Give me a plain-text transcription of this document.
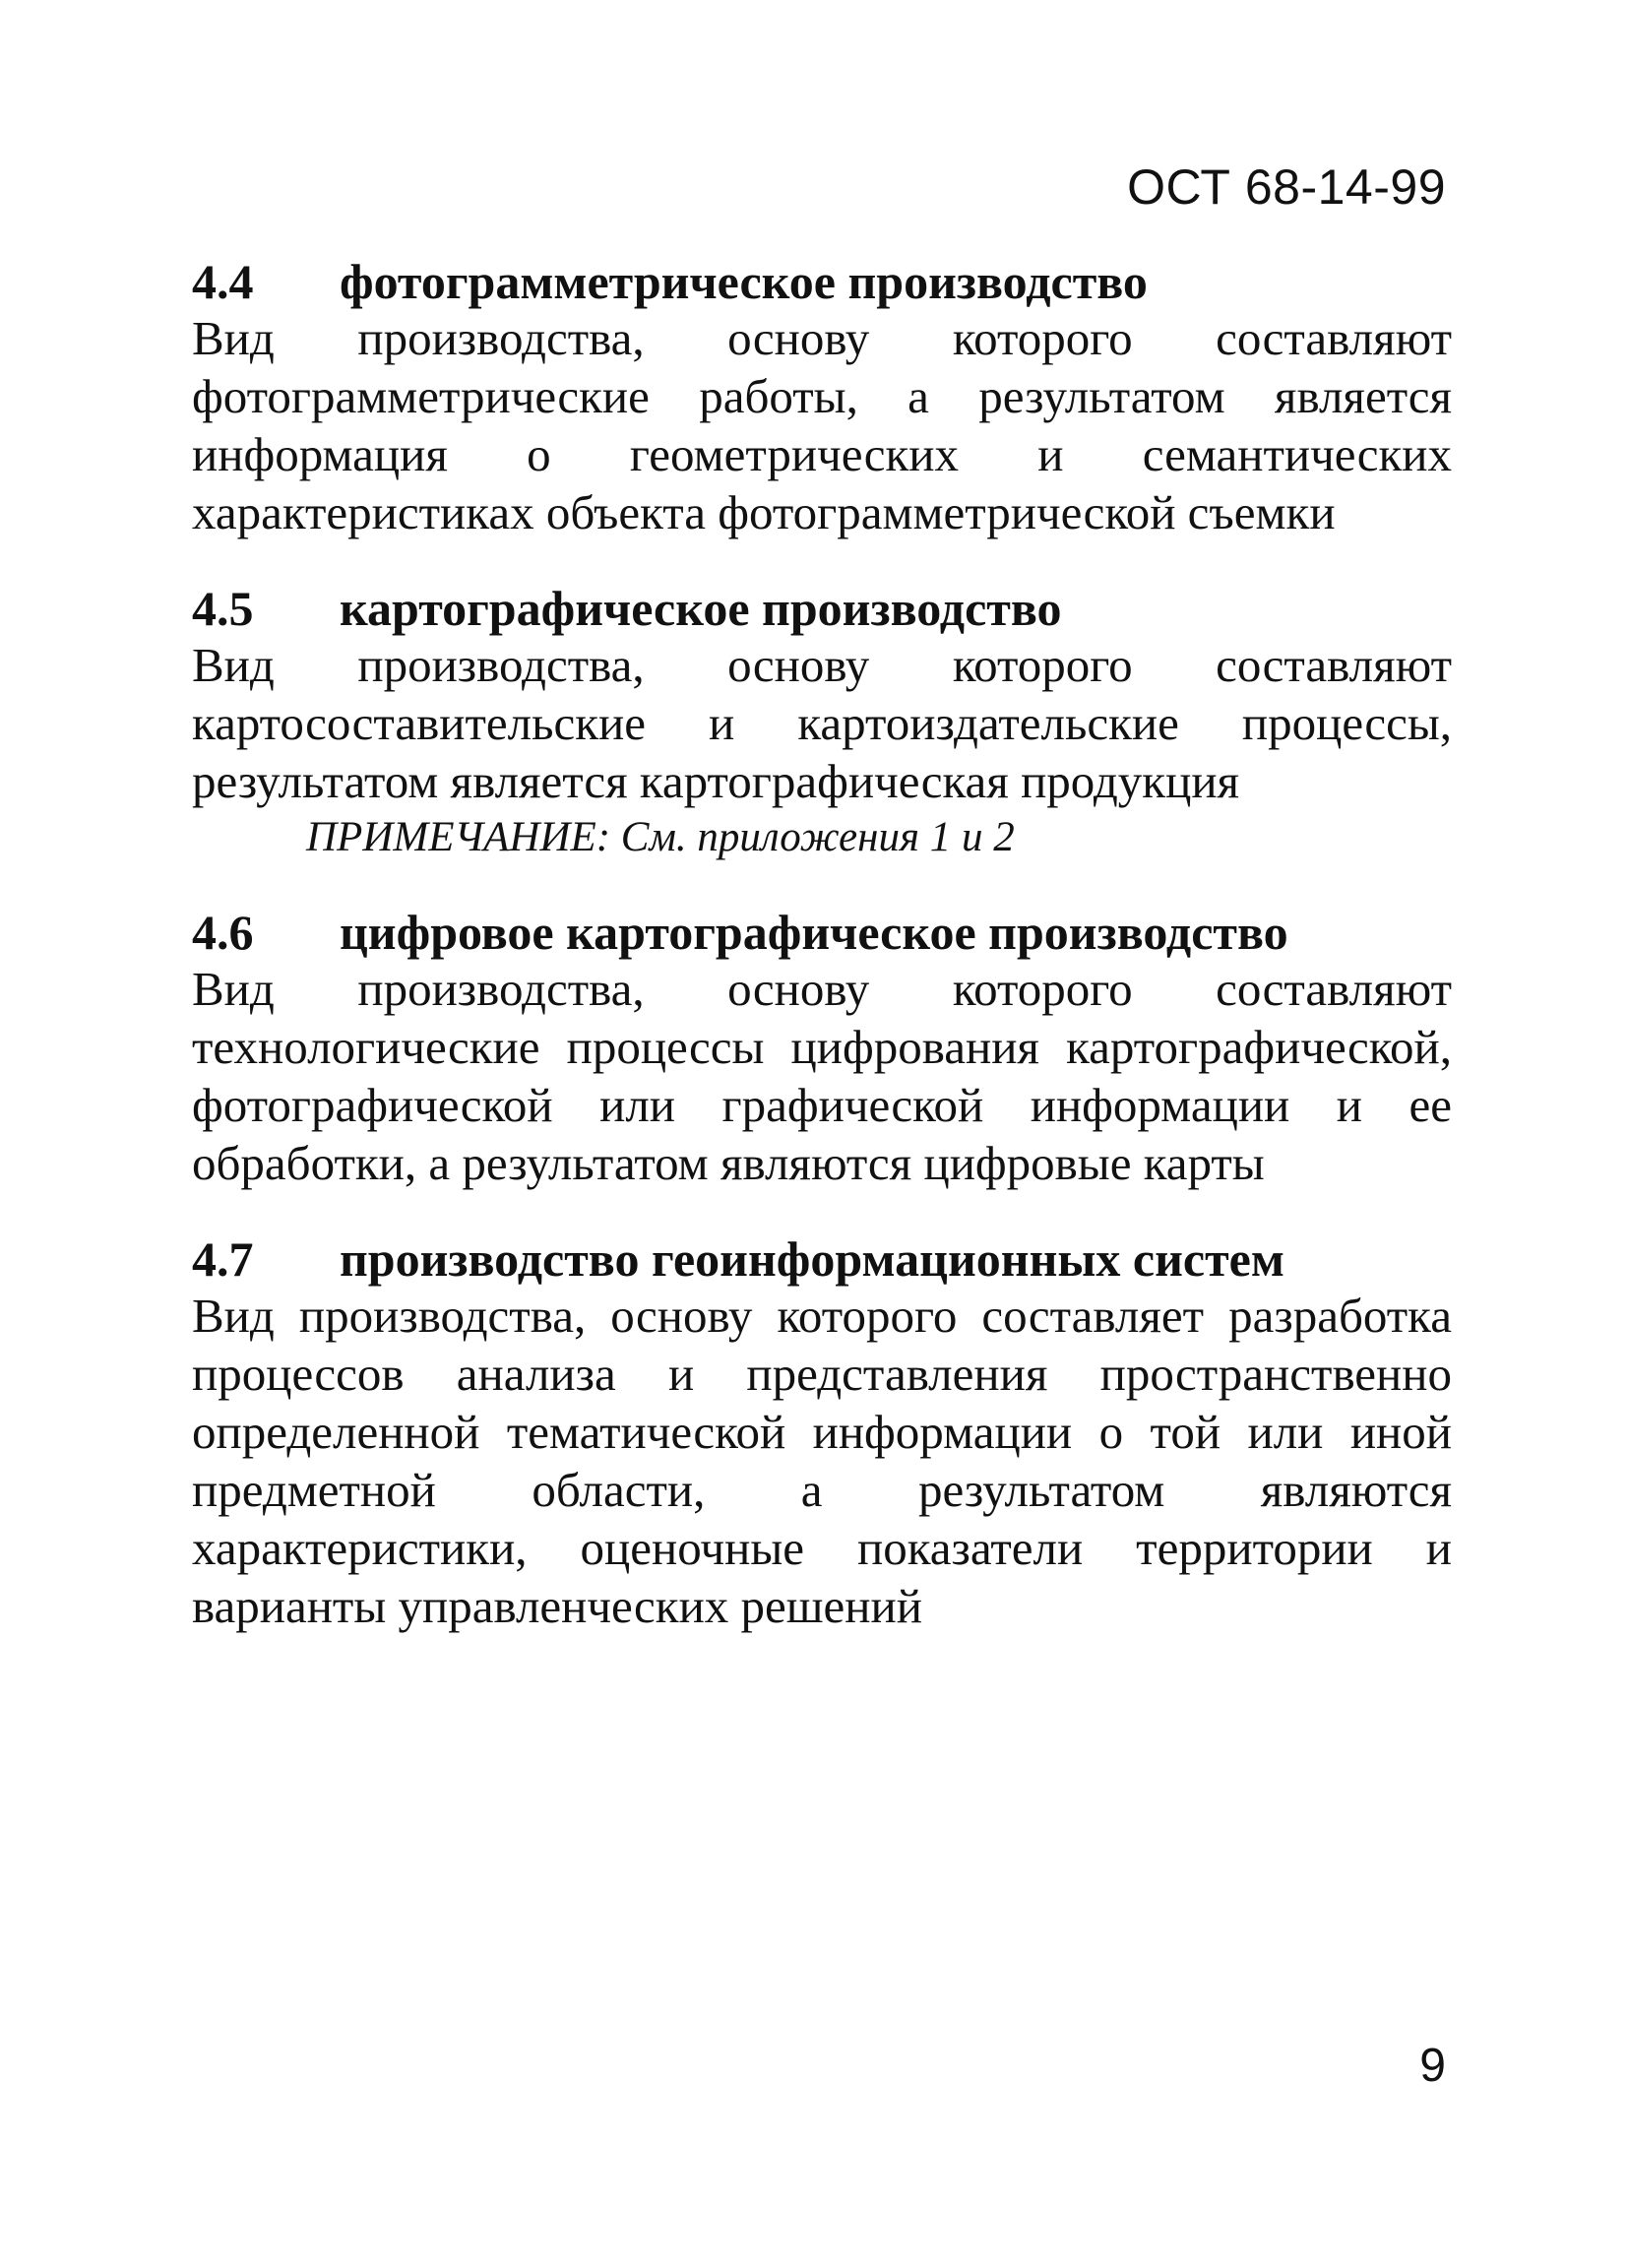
ОСТ 68-14-99
4.4	фотограмметрическое производство
Вид производства, основу которого составляют фотограмметрические работы, а результатом является информация о геометрических и семантических характеристиках объекта фотограмметрической съемки
4.5	картографическое производство
Вид производства, основу которого составляют картосоставительские и картоиздательские процессы, результатом является картографическая продукция
ПРИМЕЧАНИЕ: См. приложения 1 и 2
4.6	цифровое картографическое производство
Вид производства, основу которого составляют технологические процессы цифрования картографической, фотографической или графической информации и ее обработки, а результатом являются цифровые карты
4.7	производство геоинформационных систем
Вид производства, основу которого составляет разработка процессов анализа и представления пространственно определенной тематической информации о той или иной предметной области, а результатом являются характеристики, оценочные показатели территории и варианты управленческих решений
9
